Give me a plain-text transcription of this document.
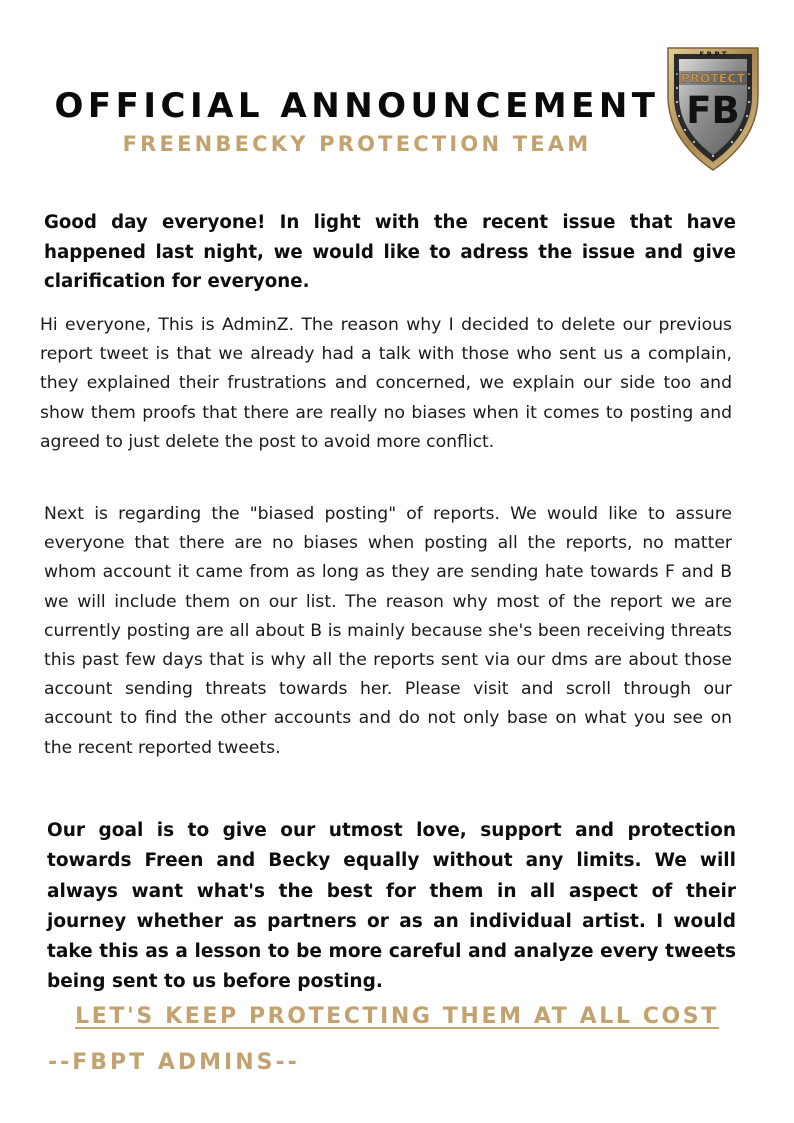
OFFICIAL ANNOUNCEMENT
FREENBECKY PROTECTION TEAM
F B P T
PROTECT
FB

Good day everyone! In light with the recent issue that have happened last night, we would like to adress the issue and give clarification for everyone.

Hi everyone, This is AdminZ. The reason why I decided to delete our previous report tweet is that we already had a talk with those who sent us a complain, they explained their frustrations and concerned, we explain our side too and show them proofs that there are really no biases when it comes to posting and agreed to just delete the post to avoid more conflict.

Next is regarding the "biased posting" of reports. We would like to assure everyone that there are no biases when posting all the reports, no matter whom account it came from as long as they are sending hate towards F and B we will include them on our list. The reason why most of the report we are currently posting are all about B is mainly because she's been receiving threats this past few days that is why all the reports sent via our dms are about those account sending threats towards her. Please visit and scroll through our account to find the other accounts and do not only base on what you see on the recent reported tweets.

Our goal is to give our utmost love, support and protection towards Freen and Becky equally without any limits. We will always want what's the best for them in all aspect of their journey whether as partners or as an individual artist. I would take this as a lesson to be more careful and analyze every tweets being sent to us before posting.

LET'S KEEP PROTECTING THEM AT ALL COST
--FBPT ADMINS--
